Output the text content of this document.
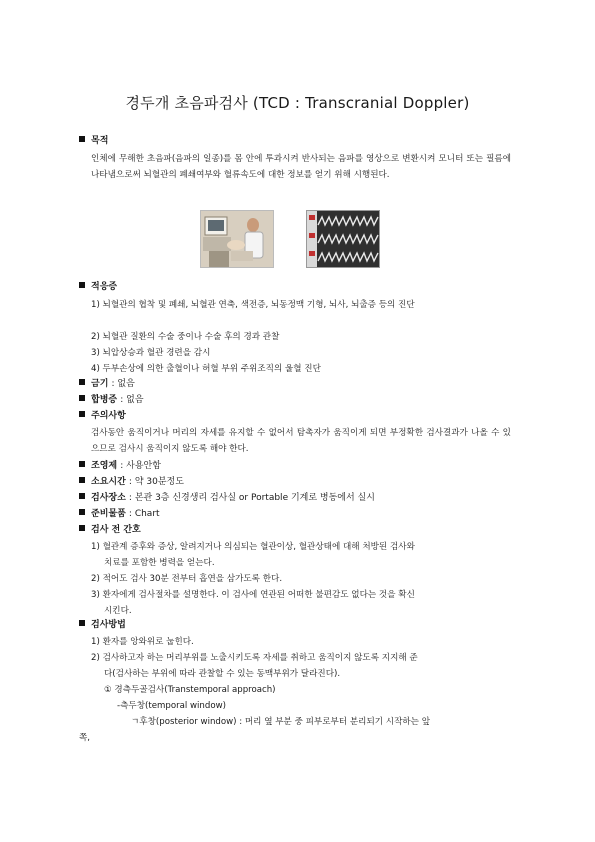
경두개 초음파검사 (TCD : Transcranial Doppler)
목적
인체에 무해한 초음파(음파의 일종)를 몸 안에 투과시켜 반사되는 음파를 영상으로 변환시켜 모니터 또는 필름에 나타냄으로써 뇌혈관의 폐쇄여부와 혈류속도에 대한 정보를 얻기 위해 시행된다.
적응증
1) 뇌혈관의 협착 및 폐쇄, 뇌혈관 연축, 색전증, 뇌동정맥 기형, 뇌사, 뇌출증 등의 진단
2) 뇌혈관 질환의 수술 중이나 수술 후의 경과 관찰
3) 뇌압상승과 혈관 경련을 감시
4) 두부손상에 의한 출혈이나 허혈 부위 주위조직의 울혈 진단
금기 : 없음
합병증 : 없음
주의사항
검사동안 움직이거나 머리의 자세를 유지할 수 없어서 탐촉자가 움직이게 되면 부정확한 검사결과가 나올 수 있으므로 검사시 움직이지 않도록 해야 한다.
조영제 : 사용안함
소요시간 : 약 30분정도
검사장소 : 본관 3층 신경생리 검사실 or Portable 기계로 병동에서 실시
준비물품 : Chart
검사 전 간호
1) 혈관계 증후와 증상, 알려지거나 의심되는 혈관이상, 혈관상태에 대해 처방된 검사와
치료를 포함한 병력을 얻는다.
2) 적어도 검사 30분 전부터 흡연을 삼가도록 한다.
3) 환자에게 검사절차를 설명한다. 이 검사에 연관된 어떠한 불편감도 없다는 것을 확신
시킨다.
검사방법
1) 환자를 앙와위로 눕힌다.
2) 검사하고자 하는 머리부위를 노출시키도록 자세를 취하고 움직이지 않도록 지지해 준
다(검사하는 부위에 따라 관찰할 수 있는 동맥부위가 달라진다).
① 경측두골검사(Transtemporal approach)
-측두창(temporal window)
ㄱ후창(posterior window) : 머리 옆 부분 중 피부로부터 분리되기 시작하는 앞
쪽,
